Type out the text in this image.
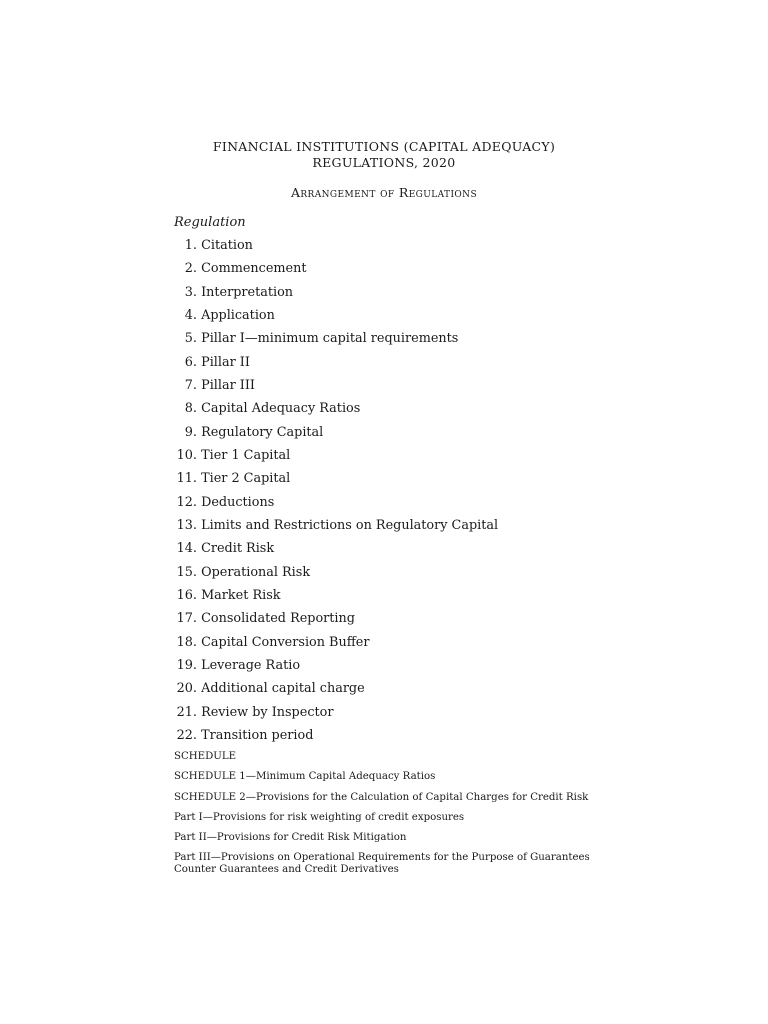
FINANCIAL INSTITUTIONS (CAPITAL ADEQUACY)
REGULATIONS, 2020
Arrangement of Regulations
Regulation
1.
Citation
2.
Commencement
3.
Interpretation
4.
Application
5.
Pillar I—minimum capital requirements
6.
Pillar II
7.
Pillar III
8.
Capital Adequacy Ratios
9.
Regulatory Capital
10.
Tier 1 Capital
11.
Tier 2 Capital
12.
Deductions
13.
Limits and Restrictions on Regulatory Capital
14.
Credit Risk
15.
Operational Risk
16.
Market Risk
17.
Consolidated Reporting
18.
Capital Conversion Buffer
19.
Leverage Ratio
20.
Additional capital charge
21.
Review by Inspector
22.
Transition period

SCHEDULE

SCHEDULE 1—Minimum Capital Adequacy Ratios

SCHEDULE 2—Provisions for the Calculation of Capital Charges for Credit Risk

Part I—Provisions for risk weighting of credit exposures

Part II—Provisions for Credit Risk Mitigation

Part III—Provisions on Operational Requirements for the Purpose of Guarantees Counter Guarantees and Credit Derivatives
